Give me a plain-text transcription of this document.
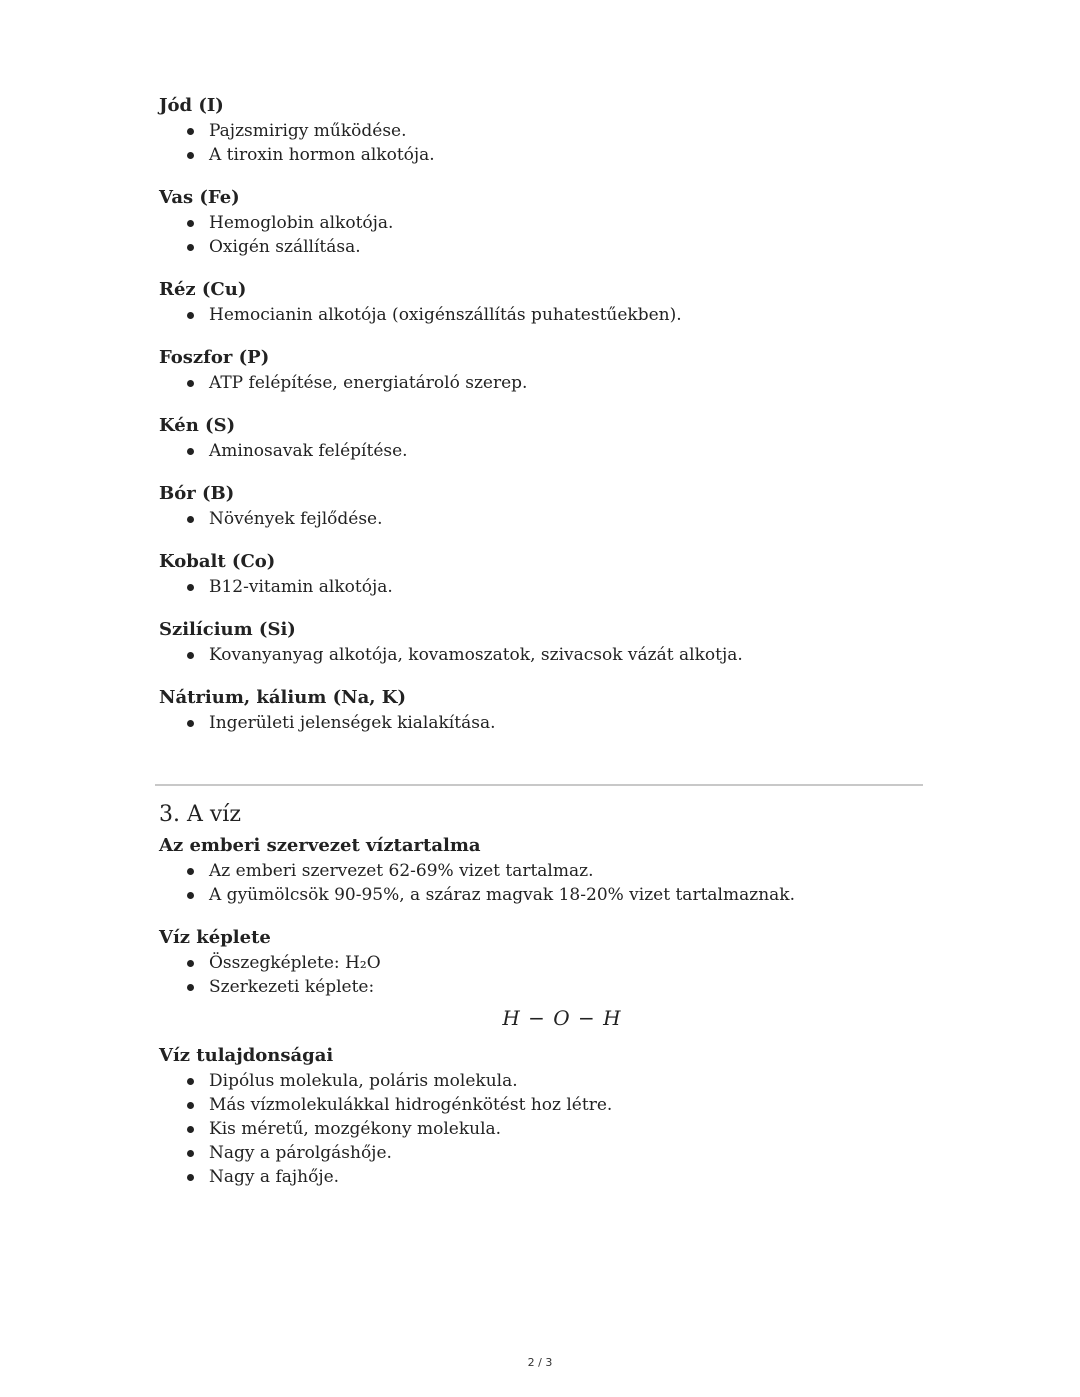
Jód (I)
Pajzsmirigy működése.
A tiroxin hormon alkotója.
Vas (Fe)
Hemoglobin alkotója.
Oxigén szállítása.
Réz (Cu)
Hemocianin alkotója (oxigénszállítás puhatestűekben).
Foszfor (P)
ATP felépítése, energiatároló szerep.
Kén (S)
Aminosavak felépítése.
Bór (B)
Növények fejlődése.
Kobalt (Co)
B12-vitamin alkotója.
Szilícium (Si)
Kovanyanyag alkotója, kovamoszatok, szivacsok vázát alkotja.
Nátrium, kálium (Na, K)
Ingerületi jelenségek kialakítása.
3. A víz
Az emberi szervezet víztartalma
Az emberi szervezet 62-69% vizet tartalmaz.
A gyümölcsök 90-95%, a száraz magvak 18-20% vizet tartalmaznak.
Víz képlete
Összegképlete: H₂O
Szerkezeti képlete:
H − O − H
Víz tulajdonságai
Dipólus molekula, poláris molekula.
Más vízmolekulákkal hidrogénkötést hoz létre.
Kis méretű, mozgékony molekula.
Nagy a párolgáshője.
Nagy a fajhője.
2 / 3
